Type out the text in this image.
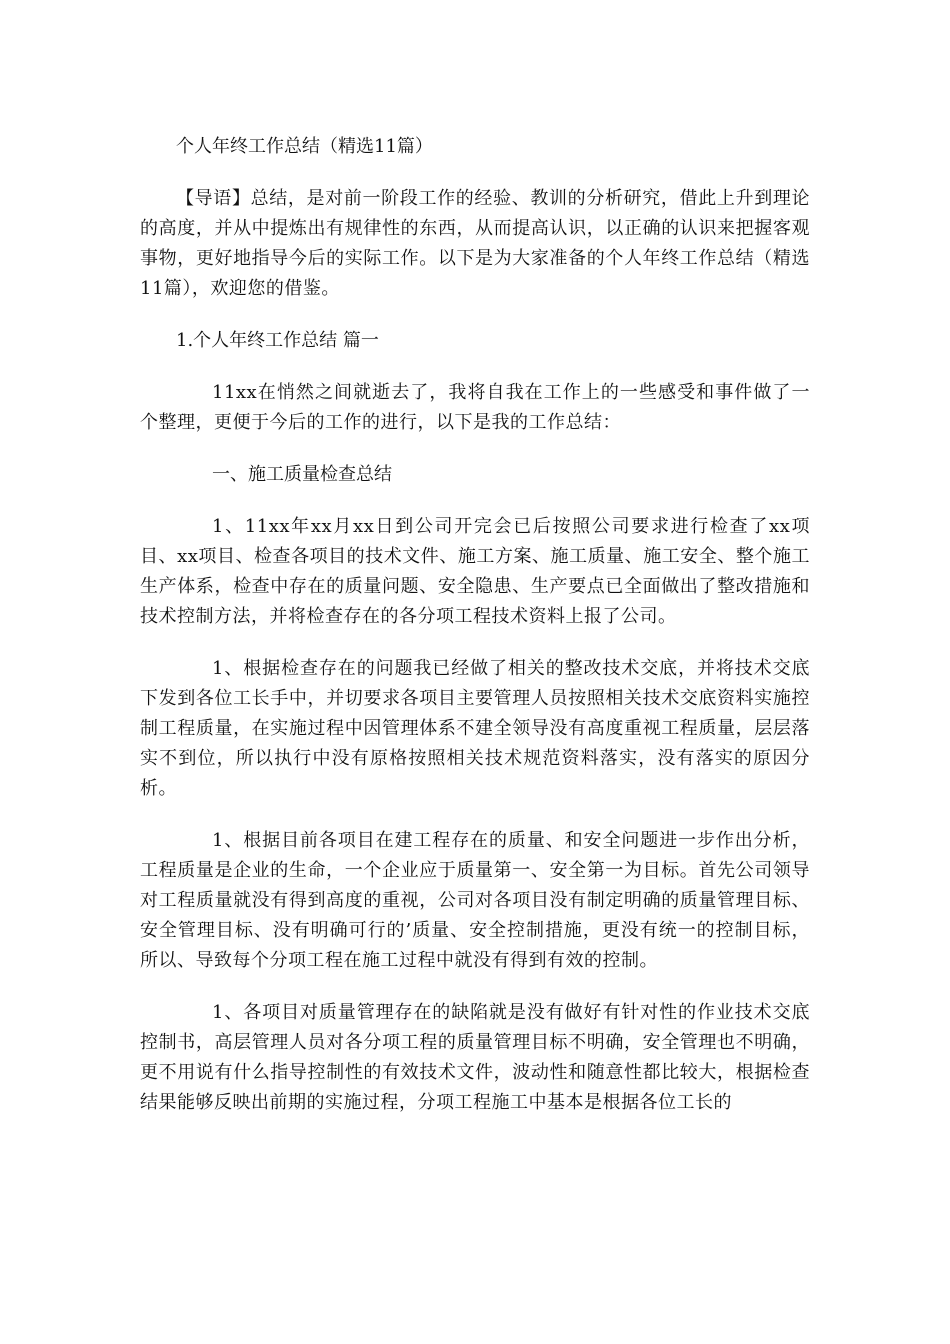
个人年终工作总结（精选11篇）

【导语】总结，是对前一阶段工作的经验、教训的分析研究，借此上升到理论的高度，并从中提炼出有规律性的东西，从而提高认识，以正确的认识来把握客观事物，更好地指导今后的实际工作。以下是为大家准备的个人年终工作总结（精选11篇），欢迎您的借鉴。

1.个人年终工作总结 篇一

11xx在悄然之间就逝去了，我将自我在工作上的一些感受和事件做了一个整理，更便于今后的工作的进行，以下是我的工作总结：

一、施工质量检查总结

1、11xx年xx月xx日到公司开完会已后按照公司要求进行检查了xx项目、xx项目、检查各项目的技术文件、施工方案、施工质量、施工安全、整个施工生产体系，检查中存在的质量问题、安全隐患、生产要点已全面做出了整改措施和技术控制方法，并将检查存在的各分项工程技术资料上报了公司。

1、根据检查存在的问题我已经做了相关的整改技术交底，并将技术交底下发到各位工长手中，并切要求各项目主要管理人员按照相关技术交底资料实施控制工程质量，在实施过程中因管理体系不建全领导没有高度重视工程质量，层层落实不到位，所以执行中没有原格按照相关技术规范资料落实，没有落实的原因分析。

1、根据目前各项目在建工程存在的质量、和安全问题进一步作出分析，工程质量是企业的生命，一个企业应于质量第一、安全第一为目标。首先公司领导对工程质量就没有得到高度的重视，公司对各项目没有制定明确的质量管理目标、安全管理目标、没有明确可行的’质量、安全控制措施，更没有统一的控制目标，所以、导致每个分项工程在施工过程中就没有得到有效的控制。

1、各项目对质量管理存在的缺陷就是没有做好有针对性的作业技术交底控制书，高层管理人员对各分项工程的质量管理目标不明确，安全管理也不明确，更不用说有什么指导控制性的有效技术文件，波动性和随意性都比较大，根据检查结果能够反映出前期的实施过程，分项工程施工中基本是根据各位工长的
